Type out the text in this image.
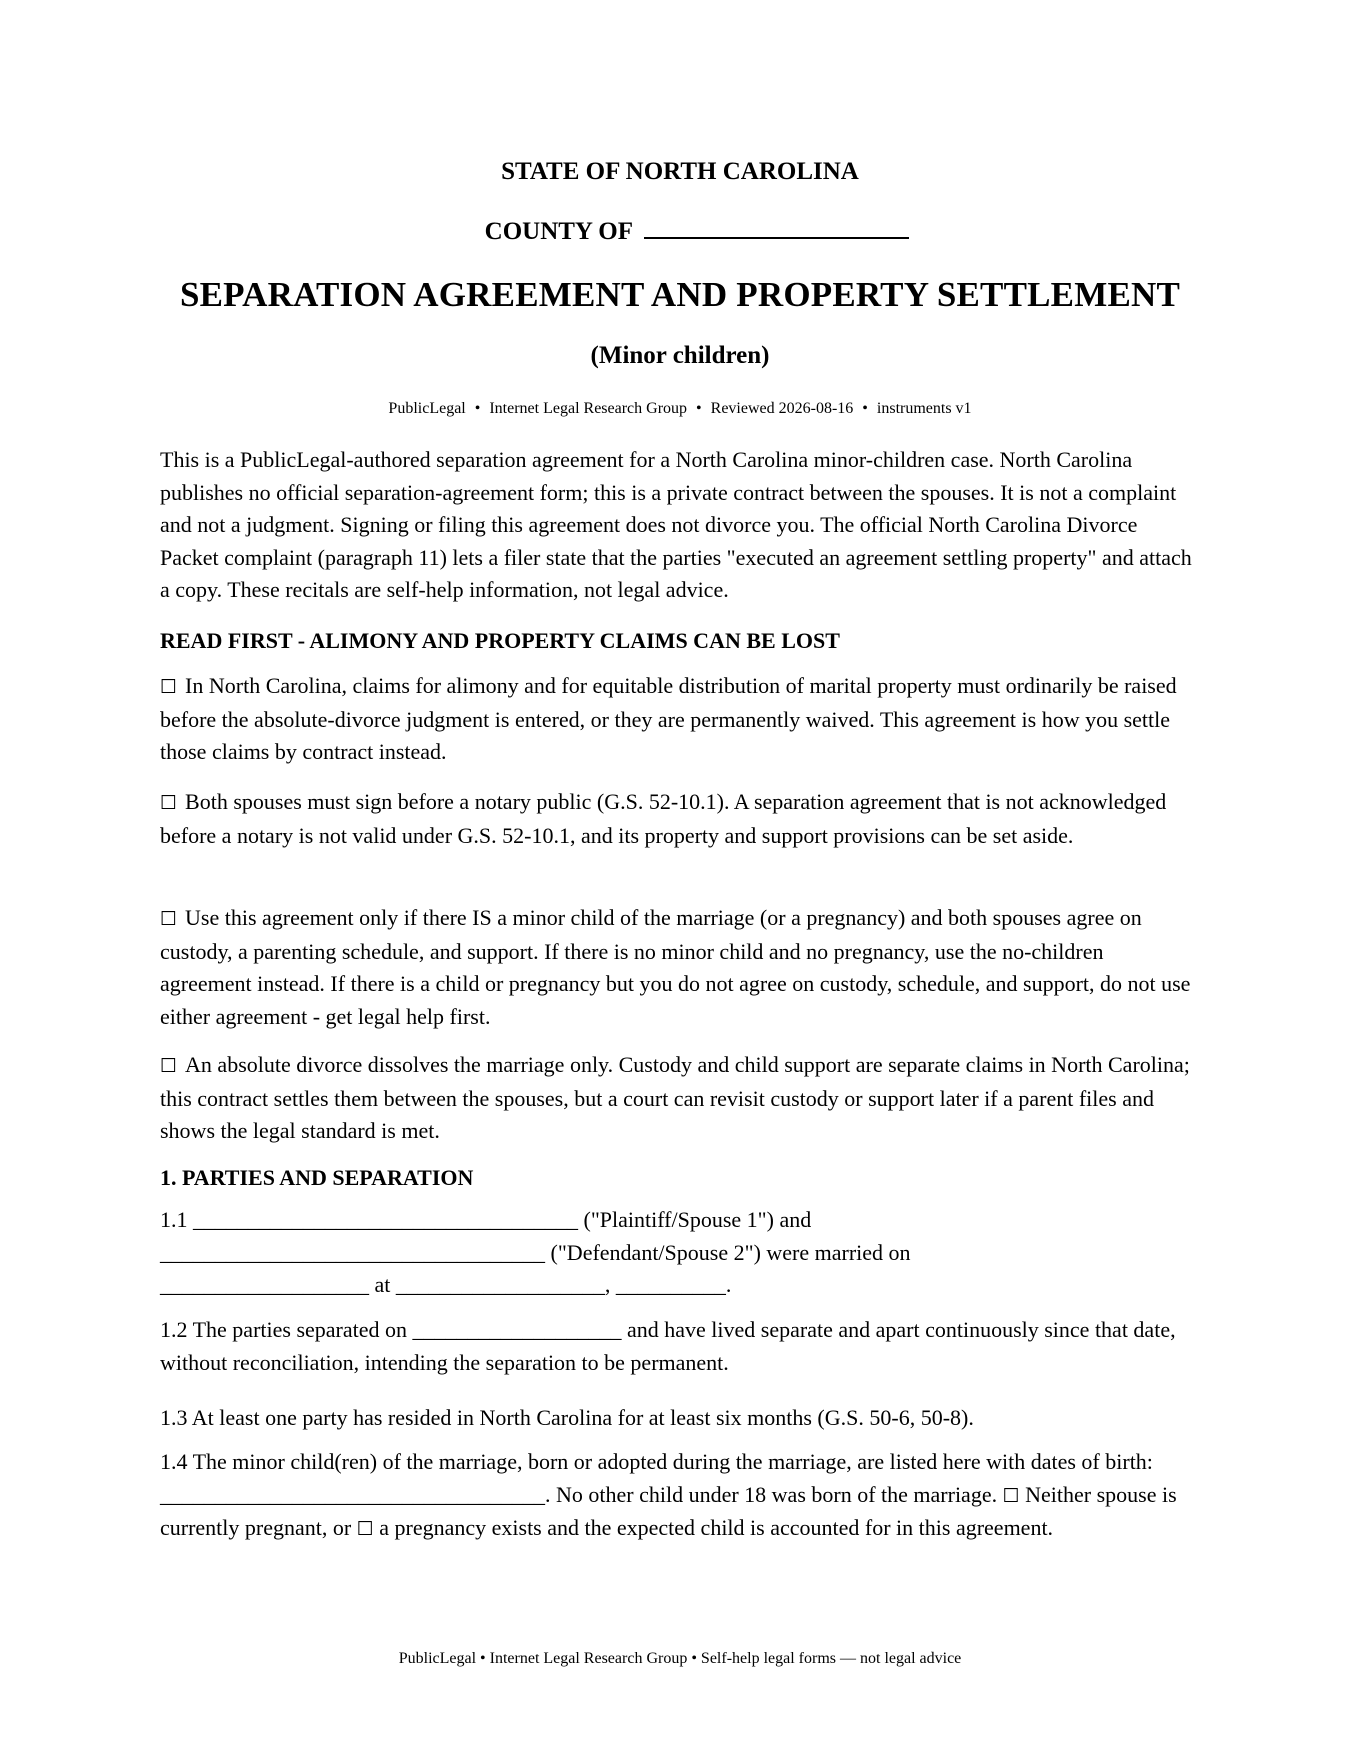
STATE OF NORTH CAROLINA
COUNTY OF
SEPARATION AGREEMENT AND PROPERTY SETTLEMENT
(Minor children)
PublicLegal • Internet Legal Research Group • Reviewed 2026-08-16 • instruments v1

This is a PublicLegal-authored separation agreement for a North Carolina minor-children case. North Carolina publishes no official separation-agreement form; this is a private contract between the spouses. It is not a complaint and not a judgment. Signing or filing this agreement does not divorce you. The official North Carolina Divorce Packet complaint (paragraph 11) lets a filer state that the parties "executed an agreement settling property" and attach a copy. These recitals are self-help information, not legal advice.

READ FIRST - ALIMONY AND PROPERTY CLAIMS CAN BE LOST

☐ In North Carolina, claims for alimony and for equitable distribution of marital property must ordinarily be raised before the absolute-divorce judgment is entered, or they are permanently waived. This agreement is how you settle those claims by contract instead.

☐ Both spouses must sign before a notary public (G.S. 52-10.1). A separation agreement that is not acknowledged before a notary is not valid under G.S. 52-10.1, and its property and support provisions can be set aside.

☐ Use this agreement only if there IS a minor child of the marriage (or a pregnancy) and both spouses agree on custody, a parenting schedule, and support. If there is no minor child and no pregnancy, use the no-children agreement instead. If there is a child or pregnancy but you do not agree on custody, schedule, and support, do not use either agreement - get legal help first.

☐ An absolute divorce dissolves the marriage only. Custody and child support are separate claims in North Carolina; this contract settles them between the spouses, but a court can revisit custody or support later if a parent files and shows the legal standard is met.

1. PARTIES AND SEPARATION

1.1 ___________________________________ ("Plaintiff/Spouse 1") and
___________________________________ ("Defendant/Spouse 2") were married on
___________________ at ___________________, __________.

1.2 The parties separated on ___________________ and have lived separate and apart continuously since that date, without reconciliation, intending the separation to be permanent.

1.3 At least one party has resided in North Carolina for at least six months (G.S. 50-6, 50-8).

1.4 The minor child(ren) of the marriage, born or adopted during the marriage, are listed here with dates of birth: ___________________________________. No other child under 18 was born of the marriage. ☐ Neither spouse is currently pregnant, or ☐ a pregnancy exists and the expected child is accounted for in this agreement.

PublicLegal • Internet Legal Research Group • Self-help legal forms — not legal advice
